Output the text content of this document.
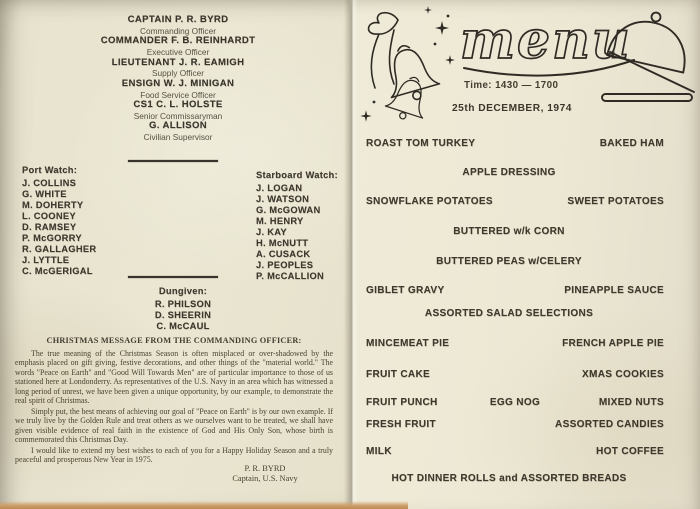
CAPTAIN P. R. BYRD
Commanding Officer
COMMANDER F. B. REINHARDT
Executive Officer
LIEUTENANT J. R. EAMIGH
Supply Officer
ENSIGN W. J. MINIGAN
Food Service Officer
CS1 C. L. HOLSTE
Senior Commissaryman
G. ALLISON
Civilian Supervisor
Port Watch:
J. COLLINS
G. WHITE
M. DOHERTY
L. COONEY
D. RAMSEY
P. McGORRY
R. GALLAGHER
J. LYTTLE
C. McGERIGAL
Starboard Watch:
J. LOGAN
J. WATSON
G. McGOWAN
M. HENRY
J. KAY
H. McNUTT
A. CUSACK
J. PEOPLES
P. McCALLION
Dungiven:
R. PHILSON
D. SHEERIN
C. McCAUL
CHRISTMAS MESSAGE FROM THE COMMANDING OFFICER:

The true meaning of the Christmas Season is often misplaced or over-shadowed by the emphasis placed on gift giving, festive decorations, and other things of the "material world." The words "Peace on Earth" and "Good Will Towards Men" are of particular importance to those of us stationed here at Londonderry. As representatives of the U.S. Navy in an area which has witnessed a long period of unrest, we have been given a unique opportunity, by our example, to demonstrate the real spirit of Christmas.

Simply put, the best means of achieving our goal of "Peace on Earth" is by our own example. If we truly live by the Golden Rule and treat others as we ourselves want to be treated, we shall have given visible evidence of real faith in the existence of God and His Only Son, whose birth is commemorated this Christmas Day.

I would like to extend my best wishes to each of you for a Happy Holiday Season and a truly peaceful and prosperous New Year in 1975.

P. R. BYRD
Captain, U.S. Navy
menu
Time: 1430 — 1700
25th DECEMBER, 1974
ROAST TOM TURKEY	BAKED HAM
APPLE DRESSING
SNOWFLAKE POTATOES	SWEET POTATOES
BUTTERED w/k CORN
BUTTERED PEAS w/CELERY
GIBLET GRAVY	PINEAPPLE SAUCE
ASSORTED SALAD SELECTIONS
MINCEMEAT PIE	FRENCH APPLE PIE
FRUIT CAKE	XMAS COOKIES
FRUIT PUNCH	EGG NOG	MIXED NUTS
FRESH FRUIT	ASSORTED CANDIES
MILK	HOT COFFEE
HOT DINNER ROLLS and ASSORTED BREADS
